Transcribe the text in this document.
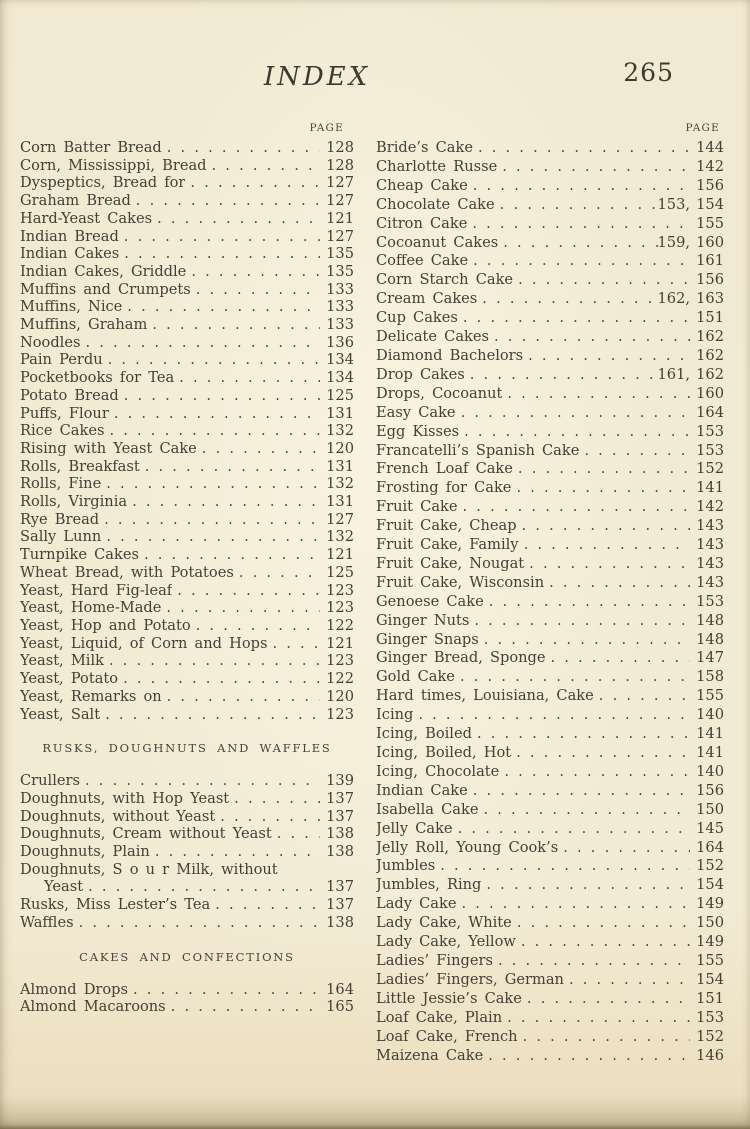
INDEX	265
PAGE
Corn Batter Bread . . .	128
Corn, Mississippi, Bread . . .	128
Dyspeptics, Bread for . . .	127
Graham Bread . . .	127
Hard-Yeast Cakes . . .	121
Indian Bread . . .	127
Indian Cakes . . .	135
Indian Cakes, Griddle . . .	135
Muffins and Crumpets . . .	133
Muffins, Nice . . .	133
Muffins, Graham . . .	133
Noodles . . .	136
Pain Perdu . . .	134
Pocketbooks for Tea . . .	134
Potato Bread . . .	125
Puffs, Flour . . .	131
Rice Cakes . . .	132
Rising with Yeast Cake . . .	120
Rolls, Breakfast . . .	131
Rolls, Fine . . .	132
Rolls, Virginia . . .	131
Rye Bread . . .	127
Sally Lunn . . .	132
Turnpike Cakes . . .	121
Wheat Bread, with Potatoes . . .	125
Yeast, Hard Fig-leaf . . .	123
Yeast, Home-Made . . .	123
Yeast, Hop and Potato . . .	122
Yeast, Liquid, of Corn and Hops . . .	121
Yeast, Milk . . .	123
Yeast, Potato . . .	122
Yeast, Remarks on . . .	120
Yeast, Salt . . .	123
RUSKS, DOUGHNUTS AND WAFFLES
Crullers . . .	139
Doughnuts, with Hop Yeast . . .	137
Doughnuts, without Yeast . . .	137
Doughnuts, Cream without Yeast . . .	138
Doughnuts, Plain . . .	138
Doughnuts, S o u r Milk, without
Yeast . . .	137
Rusks, Miss Lester’s Tea . . .	137
Waffles . . .	138
CAKES AND CONFECTIONS
Almond Drops . . .	164
Almond Macaroons . . .	165
PAGE
Bride’s Cake . . .	144
Charlotte Russe . . .	142
Cheap Cake . . .	156
Chocolate Cake . . .	153, 154
Citron Cake . . .	155
Cocoanut Cakes . . .	159, 160
Coffee Cake . . .	161
Corn Starch Cake . . .	156
Cream Cakes . . .	162, 163
Cup Cakes . . .	151
Delicate Cakes . . .	162
Diamond Bachelors . . .	162
Drop Cakes . . .	161, 162
Drops, Cocoanut . . .	160
Easy Cake . . .	164
Egg Kisses . . .	153
Francatelli’s Spanish Cake . . .	153
French Loaf Cake . . .	152
Frosting for Cake . . .	141
Fruit Cake . . .	142
Fruit Cake, Cheap . . .	143
Fruit Cake, Family . . .	143
Fruit Cake, Nougat . . .	143
Fruit Cake, Wisconsin . . .	143
Genoese Cake . . .	153
Ginger Nuts . . .	148
Ginger Snaps . . .	148
Ginger Bread, Sponge . . .	147
Gold Cake . . .	158
Hard times, Louisiana, Cake . . .	155
Icing . . .	140
Icing, Boiled . . .	141
Icing, Boiled, Hot . . .	141
Icing, Chocolate . . .	140
Indian Cake . . .	156
Isabella Cake . . .	150
Jelly Cake . . .	145
Jelly Roll, Young Cook’s . . .	164
Jumbles . . .	152
Jumbles, Ring . . .	154
Lady Cake . . .	149
Lady Cake, White . . .	150
Lady Cake, Yellow . . .	149
Ladies’ Fingers . . .	155
Ladies’ Fingers, German . . .	154
Little Jessie’s Cake . . .	151
Loaf Cake, Plain . . .	153
Loaf Cake, French . . .	152
Maizena Cake . . .	146
